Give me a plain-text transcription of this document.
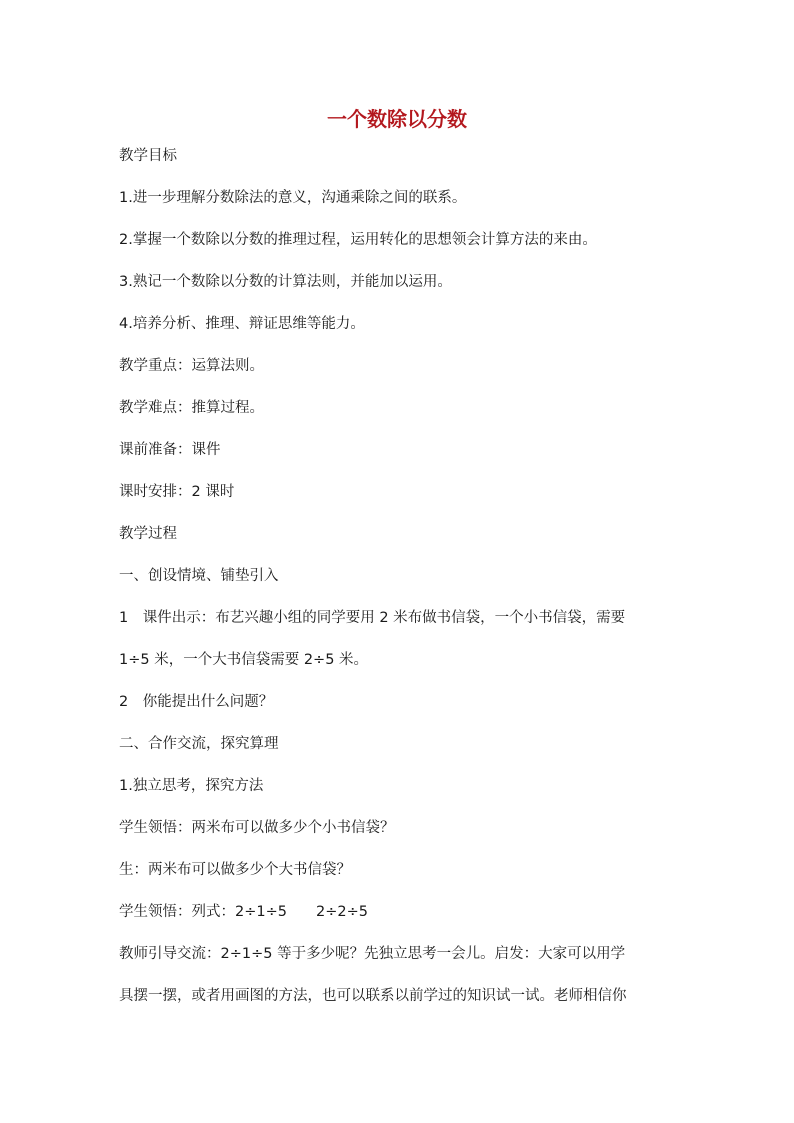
一个数除以分数

教学目标

1.进一步理解分数除法的意义，沟通乘除之间的联系。

2.掌握一个数除以分数的推理过程，运用转化的思想领会计算方法的来由。

3.熟记一个数除以分数的计算法则，并能加以运用。

4.培养分析、推理、辩证思维等能力。

教学重点：运算法则。

教学难点：推算过程。

课前准备：课件

课时安排：2 课时

教学过程

一、创设情境、铺垫引入

1　课件出示：布艺兴趣小组的同学要用 2 米布做书信袋，一个小书信袋，需要

1÷5 米，一个大书信袋需要 2÷5 米。

2　你能提出什么问题？

二、合作交流，探究算理

1.独立思考，探究方法

学生领悟：两米布可以做多少个小书信袋？

生：两米布可以做多少个大书信袋？

学生领悟：列式：2÷1÷5　　2÷2÷5

教师引导交流：2÷1÷5 等于多少呢？先独立思考一会儿。启发：大家可以用学

具摆一摆，或者用画图的方法，也可以联系以前学过的知识试一试。老师相信你
